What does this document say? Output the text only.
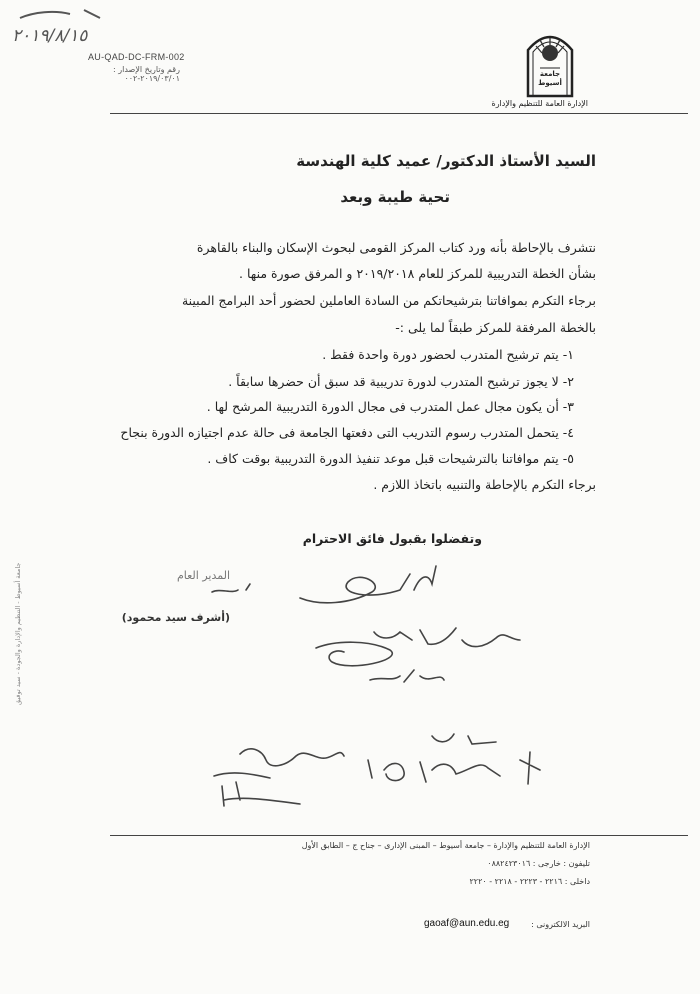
٢٠١٩/٨/١٥
AU-QAD-DC-FRM-002
رقم وتاريخ الإصدار : ٢٠١٩/٠٣/٠١-٠٠٢	جامعة أسيوط
الإدارة العامة للتنظيم والإدارة
السيد الأستاذ الدكتور/ عميد كلية الهندسة
تحية طيبة وبعد
نتشرف بالإحاطة بأنه ورد كتاب المركز القومى لبحوث الإسكان والبناء بالقاهرة
بشأن الخطة التدريبية للمركز للعام ٢٠١٩/٢٠١٨ و المرفق صورة منها .
برجاء التكرم بموافاتنا بترشيحاتكم من السادة العاملين لحضور أحد البرامج المبينة
بالخطة المرفقة للمركز طبقاً لما يلى :-
١- يتم ترشيح المتدرب لحضور دورة واحدة فقط .
٢- لا يجوز ترشيح المتدرب لدورة تدريبية قد سبق أن حضرها سابقاً .
٣- أن يكون مجال عمل المتدرب فى مجال الدورة التدريبية المرشح لها .
٤- يتحمل المتدرب رسوم التدريب التى دفعتها الجامعة فى حالة عدم اجتيازه الدورة بنجاح
٥- يتم موافاتنا بالترشيحات قبل موعد تنفيذ الدورة التدريبية بوقت كاف .
برجاء التكرم بالإحاطة والتنبيه باتخاذ اللازم .
وتفضلوا بقبول فائق الاحترام
المدير العام
(أشرف سيد محمود)
جامعة أسيوط - التنظيم والإدارة والجودة - سيد توفيق
الإدارة العامة للتنظيم والإدارة – جامعة أسيوط – المبنى الإدارى – جناح ج – الطابق الأول
تليفون : خارجى : ٠٨٨٢٤٢٣٠١٦
داخلى : ٢٢١٦ - ٢٢٢٣ - ٢٢١٨ - ٢٢٢٠
البريد الالكترونى :
gaoaf@aun.edu.eg
